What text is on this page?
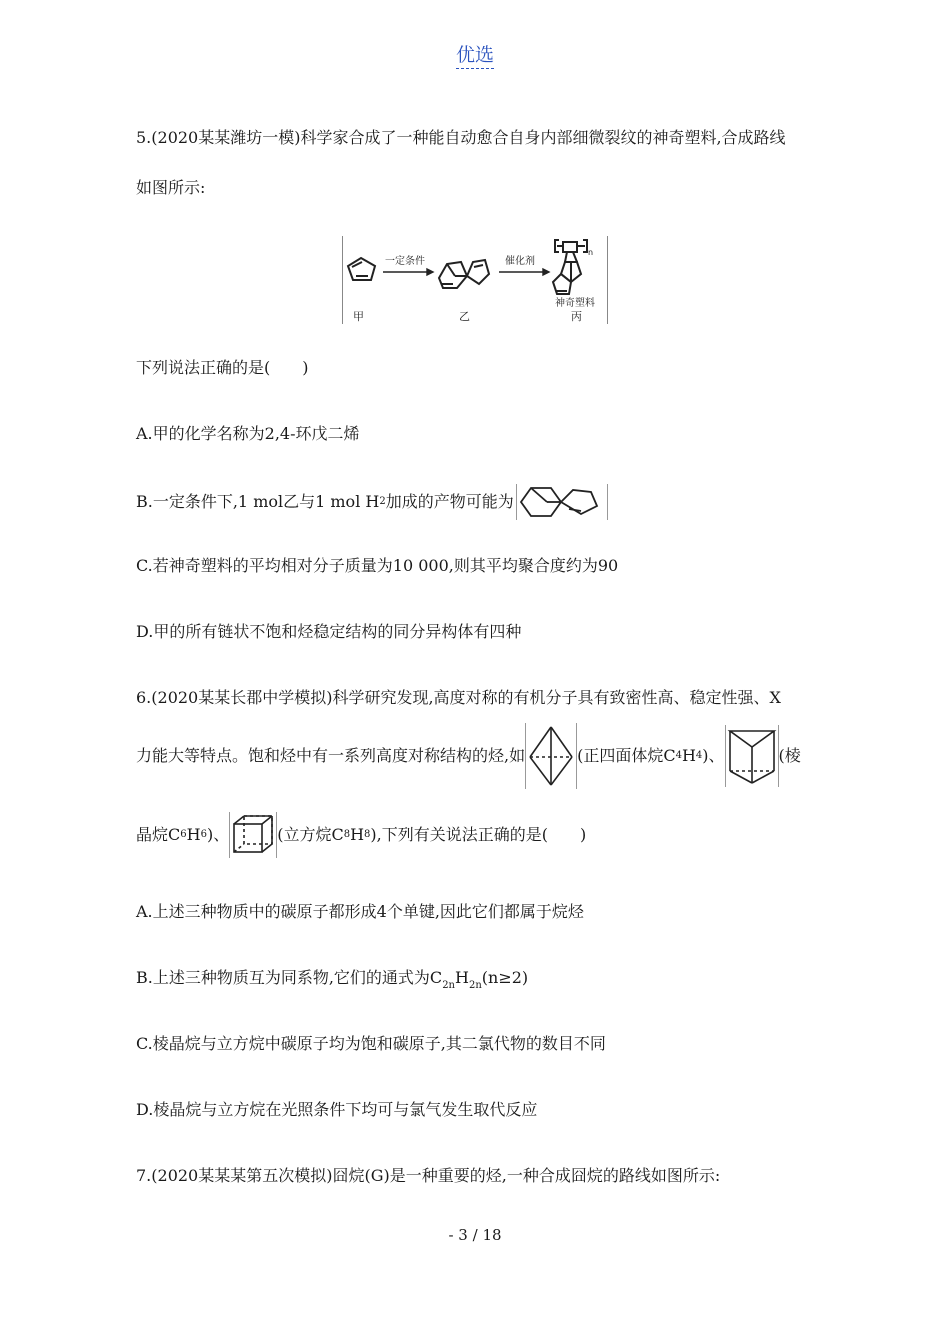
优选
5.(2020某某潍坊一模)科学家合成了一种能自动愈合自身内部细微裂纹的神奇塑料,合成路线
如图所示:
一定条件	催化剂
n
神奇塑料
甲	乙	丙
下列说法正确的是(　　)
A.甲的化学名称为2,4-环戊二烯
B.一定条件下,1 mol乙与1 mol H 2 加成的产物可能为
C.若神奇塑料的平均相对分子质量为10 000,则其平均聚合度约为90
D.甲的所有链状不饱和烃稳定结构的同分异构体有四种
6.(2020某某长郡中学模拟)科学研究发现,高度对称的有机分子具有致密性高、稳定性强、X
力能大等特点。饱和烃中有一系列高度对称结构的烃,如	(正四面体烷C 4 H 4 )、	(棱
晶烷C 6 H 6 )、	(立方烷C 8 H 8 ),下列有关说法正确的是(　　)
A.上述三种物质中的碳原子都形成4个单键,因此它们都属于烷烃
B.上述三种物质互为同系物,它们的通式为$C_{2n}H_{2n}(n\ge 2)$
C.棱晶烷与立方烷中碳原子均为饱和碳原子,其二氯代物的数目不同
D.棱晶烷与立方烷在光照条件下均可与氯气发生取代反应
7.(2020某某某第五次模拟)囧烷(G)是一种重要的烃,一种合成囧烷的路线如图所示:
- 3 / 18
